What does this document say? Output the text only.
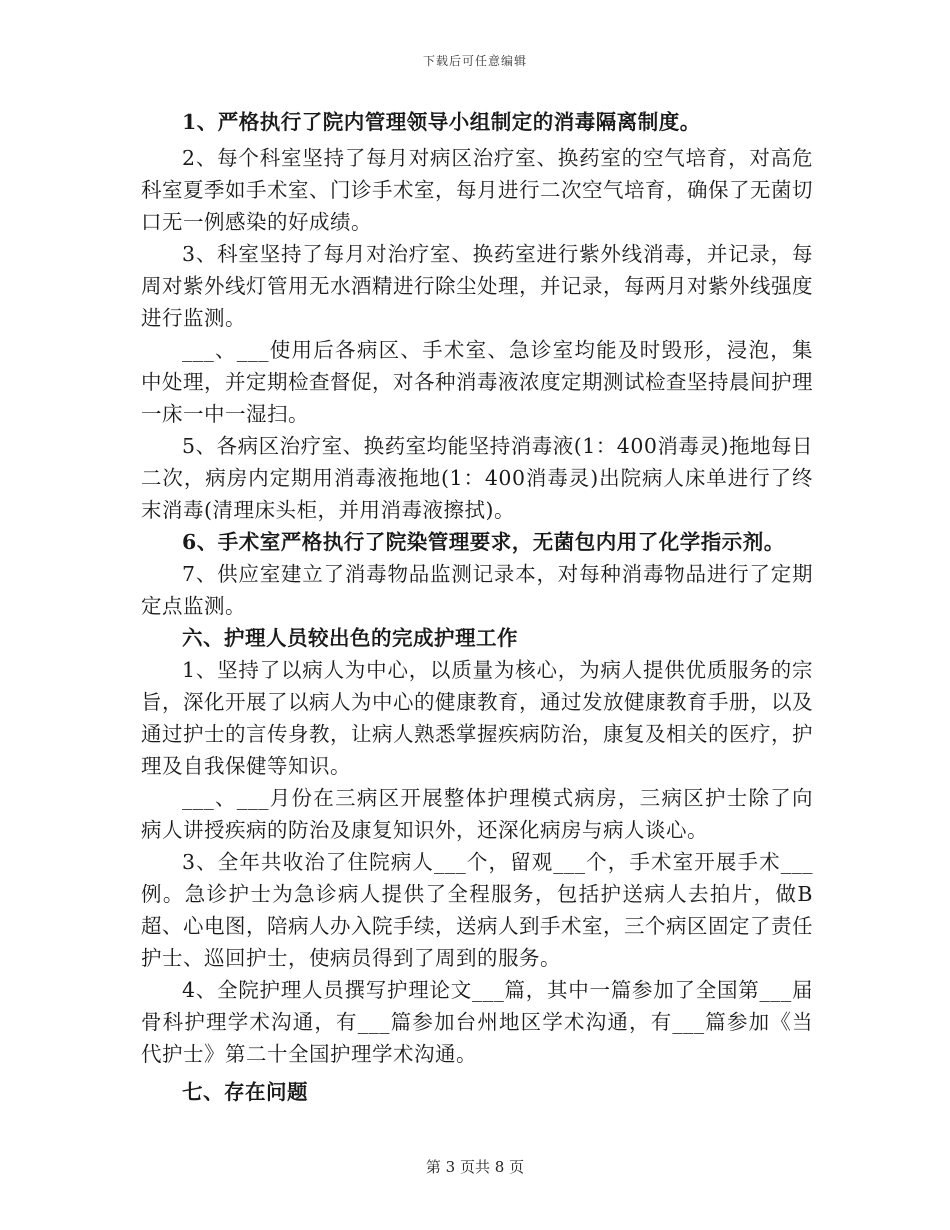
下载后可任意编辑

1、严格执行了院内管理领导小组制定的消毒隔离制度。

2、每个科室坚持了每月对病区治疗室、换药室的空气培育，对高危科室夏季如手术室、门诊手术室，每月进行二次空气培育，确保了无菌切口无一例感染的好成绩。

3、科室坚持了每月对治疗室、换药室进行紫外线消毒，并记录，每周对紫外线灯管用无水酒精进行除尘处理，并记录，每两月对紫外线强度进行监测。

___、___使用后各病区、手术室、急诊室均能及时毁形，浸泡，集中处理，并定期检查督促，对各种消毒液浓度定期测试检查坚持晨间护理一床一中一湿扫。

5、各病区治疗室、换药室均能坚持消毒液(1：400消毒灵)拖地每日二次，病房内定期用消毒液拖地(1：400消毒灵)出院病人床单进行了终末消毒(清理床头柜，并用消毒液擦拭)。

6、手术室严格执行了院染管理要求，无菌包内用了化学指示剂。

7、供应室建立了消毒物品监测记录本，对每种消毒物品进行了定期定点监测。

六、护理人员较出色的完成护理工作

1、坚持了以病人为中心，以质量为核心，为病人提供优质服务的宗旨，深化开展了以病人为中心的健康教育，通过发放健康教育手册，以及通过护士的言传身教，让病人熟悉掌握疾病防治，康复及相关的医疗，护理及自我保健等知识。

___、___月份在三病区开展整体护理模式病房，三病区护士除了向病人讲授疾病的防治及康复知识外，还深化病房与病人谈心。

3、全年共收治了住院病人___个，留观___个，手术室开展手术___例。急诊护士为急诊病人提供了全程服务，包括护送病人去拍片，做B超、心电图，陪病人办入院手续，送病人到手术室，三个病区固定了责任护士、巡回护士，使病员得到了周到的服务。

4、全院护理人员撰写护理论文___篇，其中一篇参加了全国第___届骨科护理学术沟通，有___篇参加台州地区学术沟通，有___篇参加《当代护士》第二十全国护理学术沟通。

七、存在问题

第 3 页共 8 页
